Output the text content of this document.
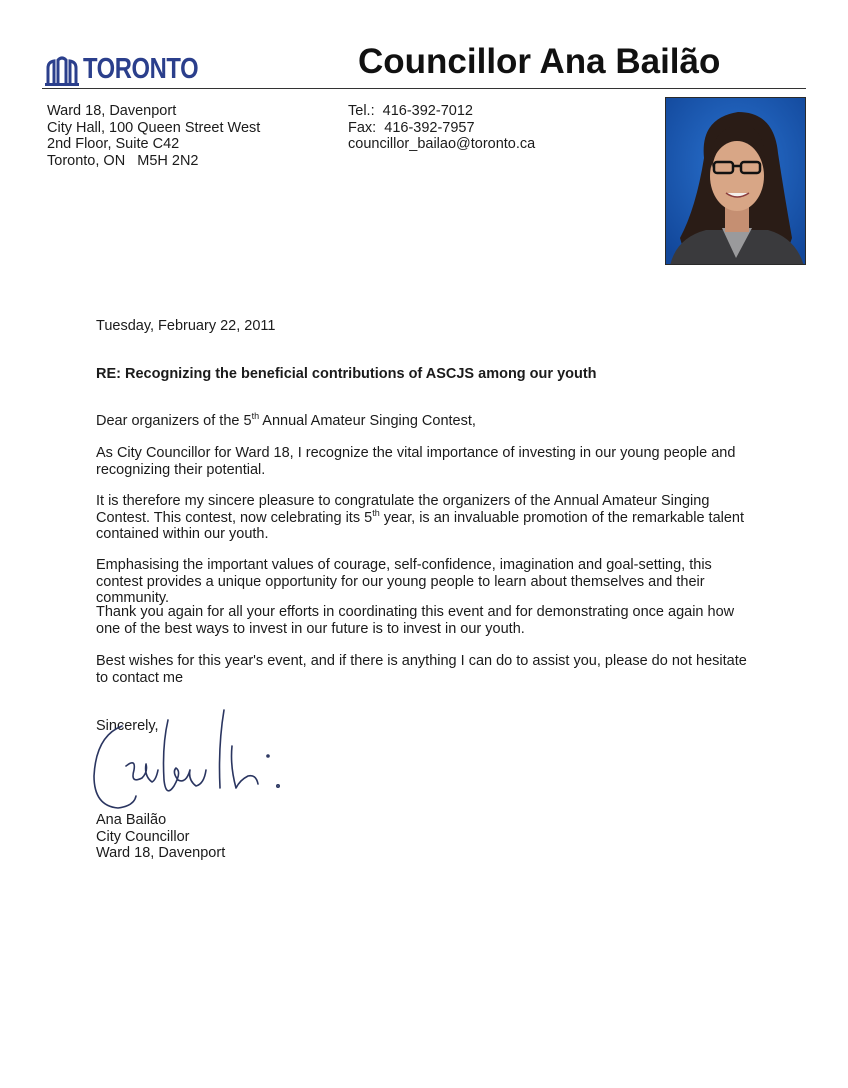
TORONTO	Councillor Ana Bailão
Ward 18, Davenport
City Hall, 100 Queen Street West
2nd Floor, Suite C42
Toronto, ON   M5H 2N2
Tel.:  416-392-7012
Fax:  416-392-7957
councillor_bailao@toronto.ca
Tuesday, February 22, 2011
RE: Recognizing the beneficial contributions of ASCJS among our youth
Dear organizers of the 5th Annual Amateur Singing Contest,
As City Councillor for Ward 18, I recognize the vital importance of investing in our young people and recognizing their potential.
It is therefore my sincere pleasure to congratulate the organizers of the Annual Amateur Singing Contest. This contest, now celebrating its 5th year, is an invaluable promotion of the remarkable talent contained within our youth.
Emphasising the important values of courage, self-confidence, imagination and goal-setting, this contest provides a unique opportunity for our young people to learn about themselves and their community.
Thank you again for all your efforts in coordinating this event and for demonstrating once again how one of the best ways to invest in our future is to invest in our youth.
Best wishes for this year's event, and if there is anything I can do to assist you, please do not hesitate to contact me
Sincerely,
Ana Bailão
City Councillor
Ward 18, Davenport
